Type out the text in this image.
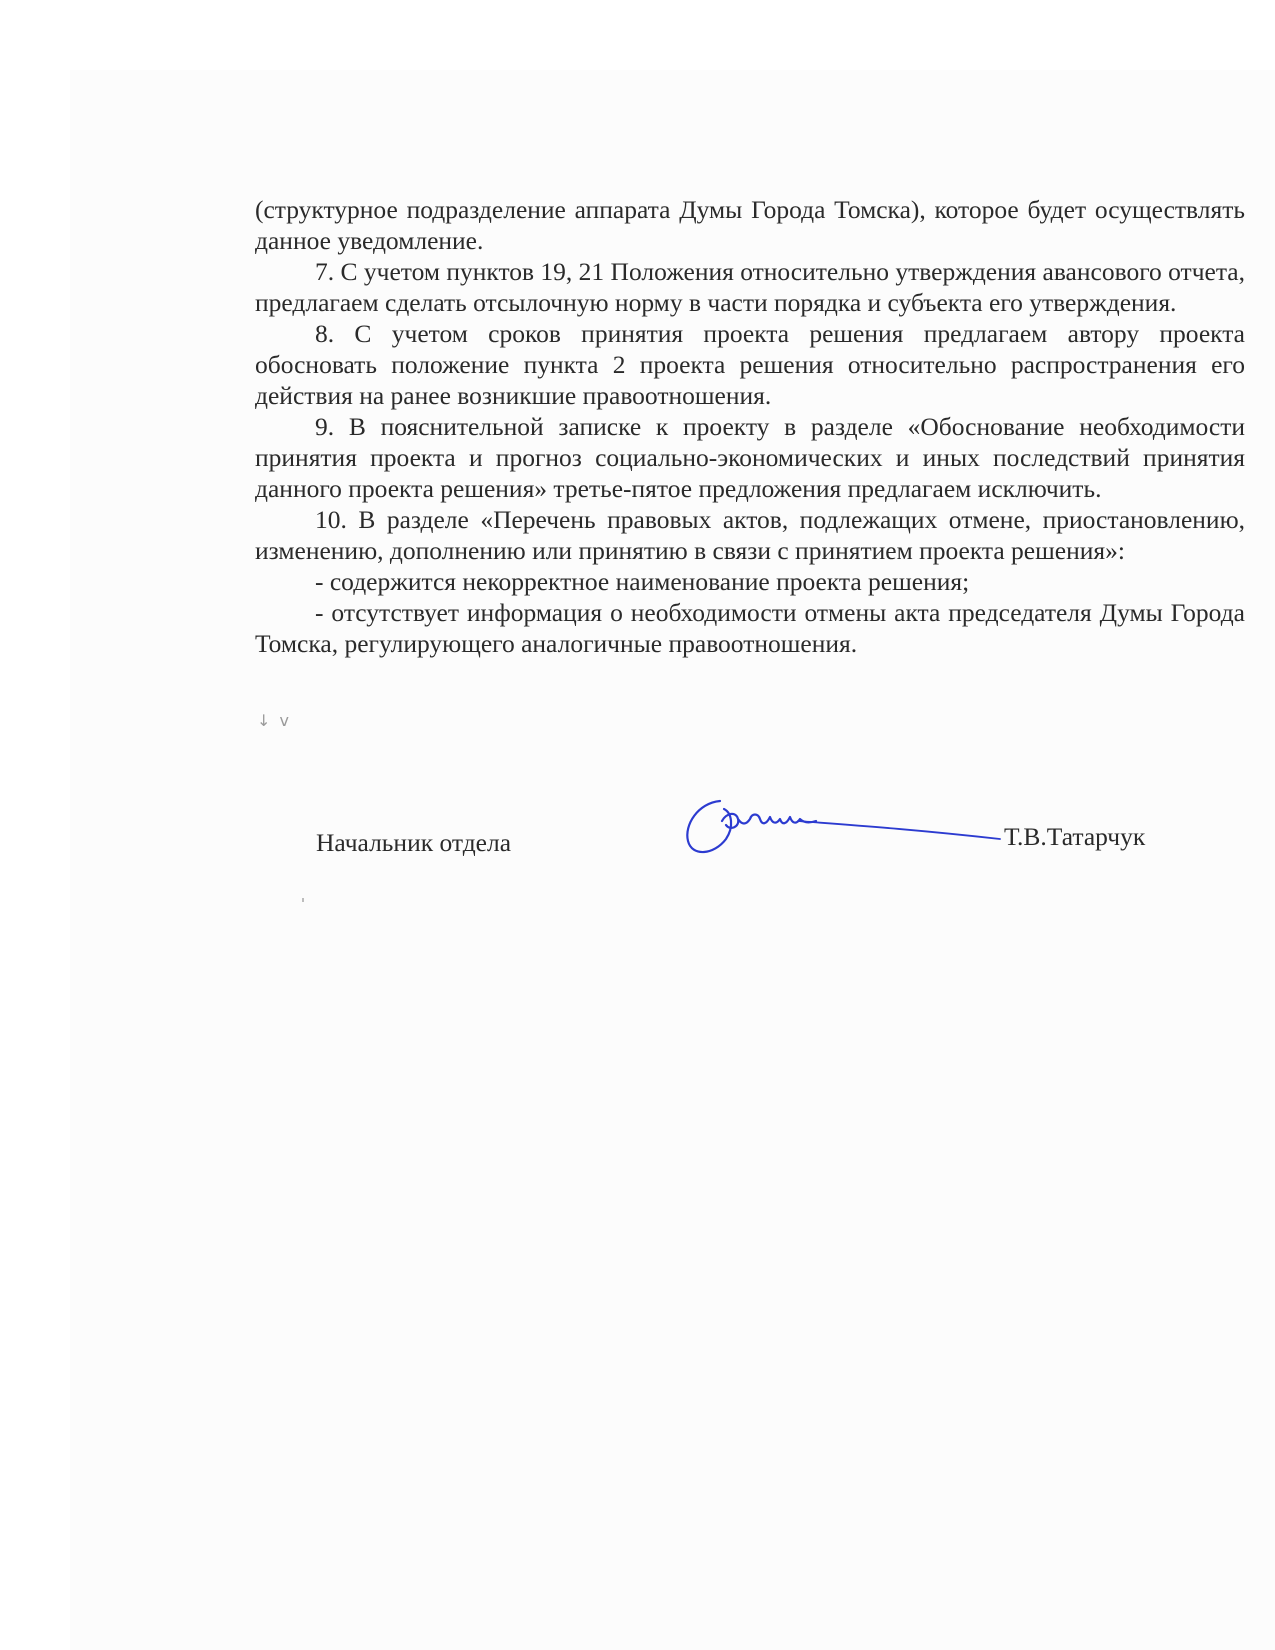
(структурное подразделение аппарата Думы Города Томска), которое будет осуществлять данное уведомление.

7. С учетом пунктов 19, 21 Положения относительно утверждения авансового отчета, предлагаем сделать отсылочную норму в части порядка и субъекта его утверждения.

8. С учетом сроков принятия проекта решения предлагаем автору проекта обосновать положение пункта 2 проекта решения относительно распространения его действия на ранее возникшие правоотношения.

9. В пояснительной записке к проекту в разделе «Обоснование необходимости принятия проекта и прогноз социально-экономических и иных последствий принятия данного проекта решения» третье-пятое предложения предлагаем исключить.

10. В разделе «Перечень правовых актов, подлежащих отмене, приостановлению, изменению, дополнению или принятию в связи с принятием проекта решения»:

- содержится некорректное наименование проекта решения;

- отсутствует информация о необходимости отмены акта председателя Думы Города Томска, регулирующего аналогичные правоотношения.

↓ v
Начальник отдела	Т.В.Татарчук
